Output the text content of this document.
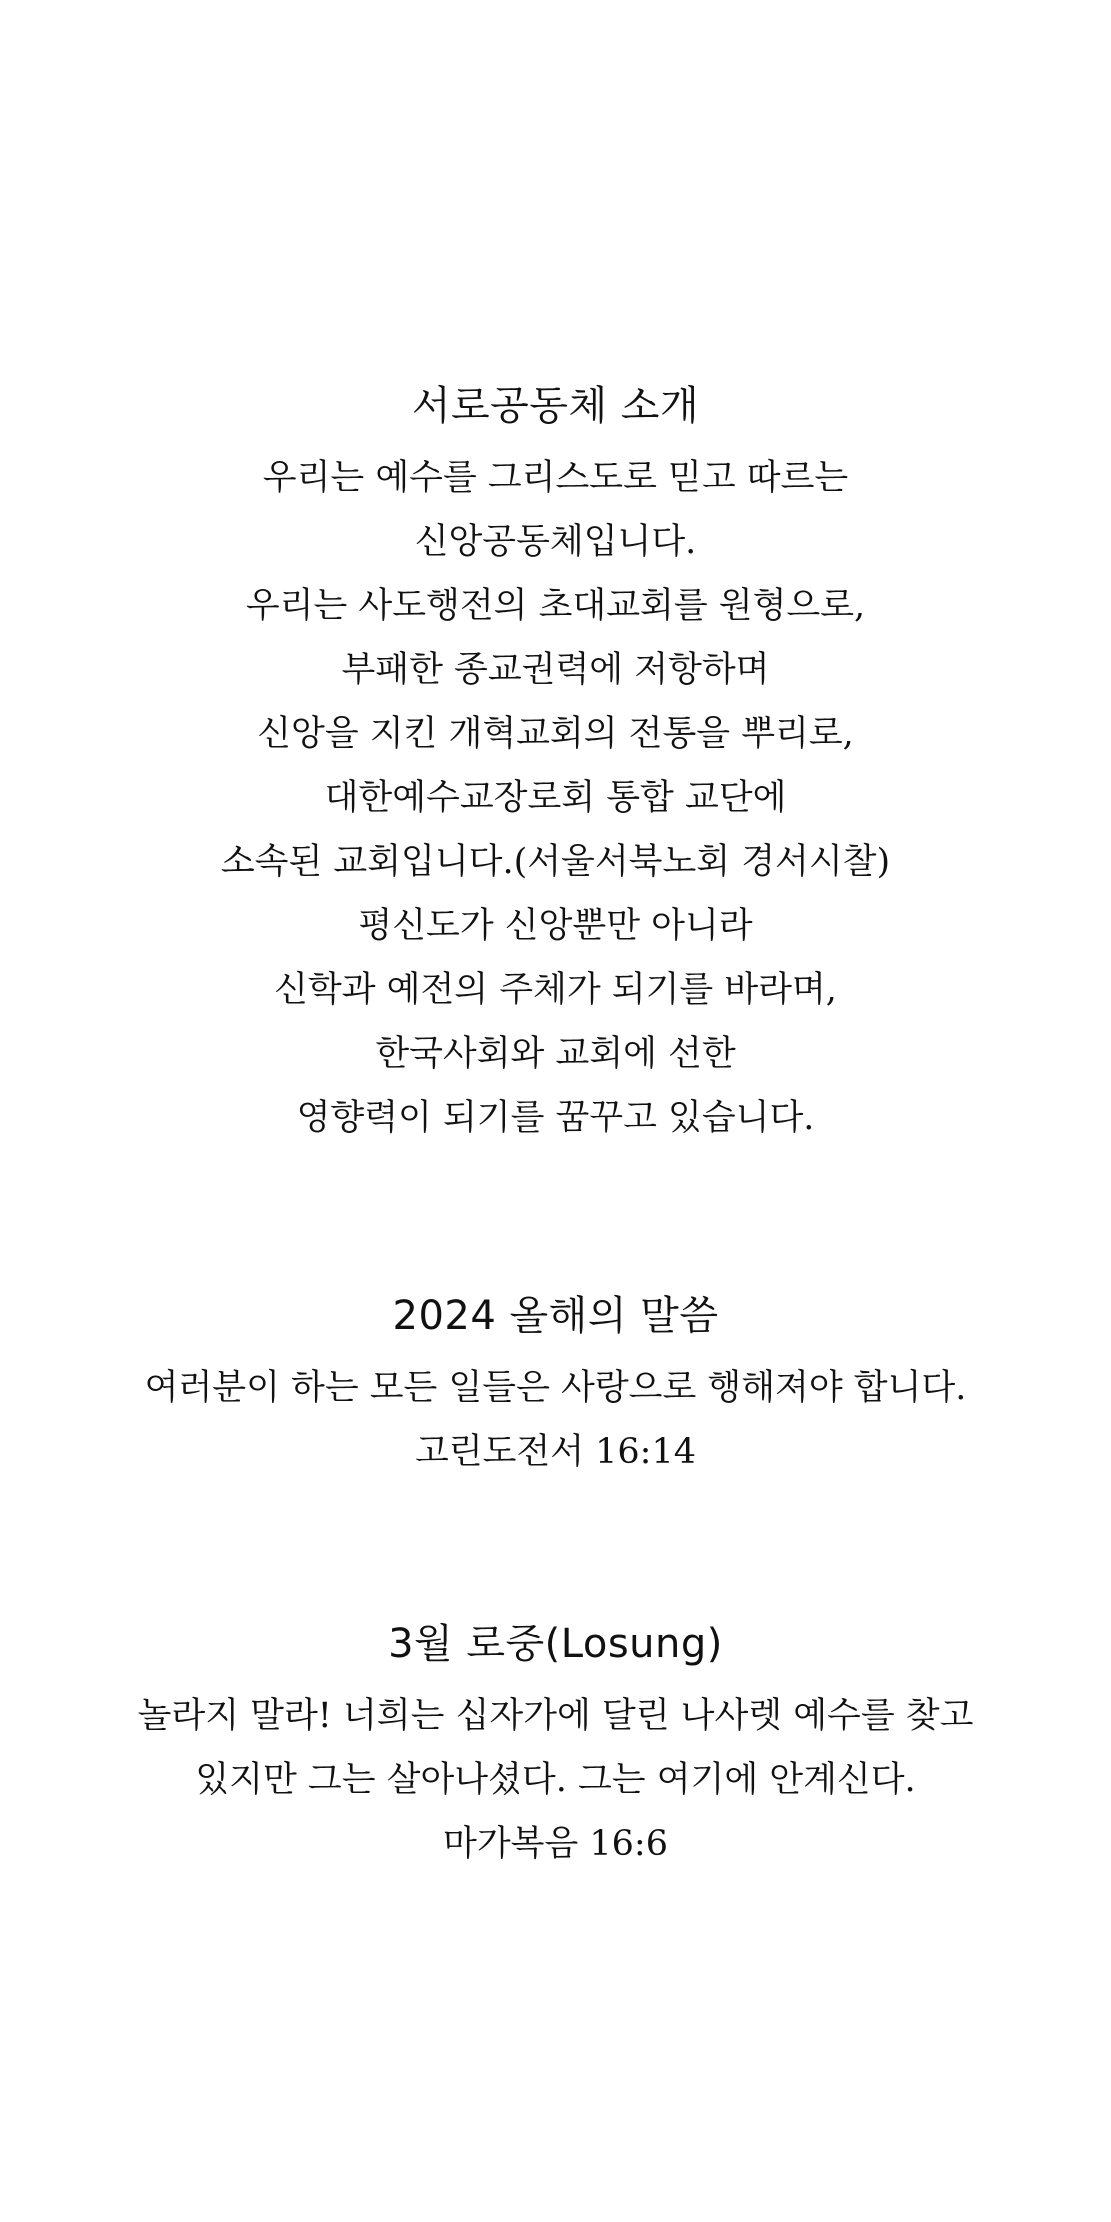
서로공동체 소개

우리는 예수를 그리스도로 믿고 따르는

신앙공동체입니다.

우리는 사도행전의 초대교회를 원형으로,

부패한 종교권력에 저항하며

신앙을 지킨 개혁교회의 전통을 뿌리로,

대한예수교장로회 통합 교단에

소속된 교회입니다.(서울서북노회 경서시찰)

평신도가 신앙뿐만 아니라

신학과 예전의 주체가 되기를 바라며,

한국사회와 교회에 선한

영향력이 되기를 꿈꾸고 있습니다.

2024 올해의 말씀

여러분이 하는 모든 일들은 사랑으로 행해져야 합니다.

고린도전서 16:14

3월 로중(Losung)

놀라지 말라! 너희는 십자가에 달린 나사렛 예수를 찾고

있지만 그는 살아나셨다. 그는 여기에 안계신다.

마가복음 16:6
